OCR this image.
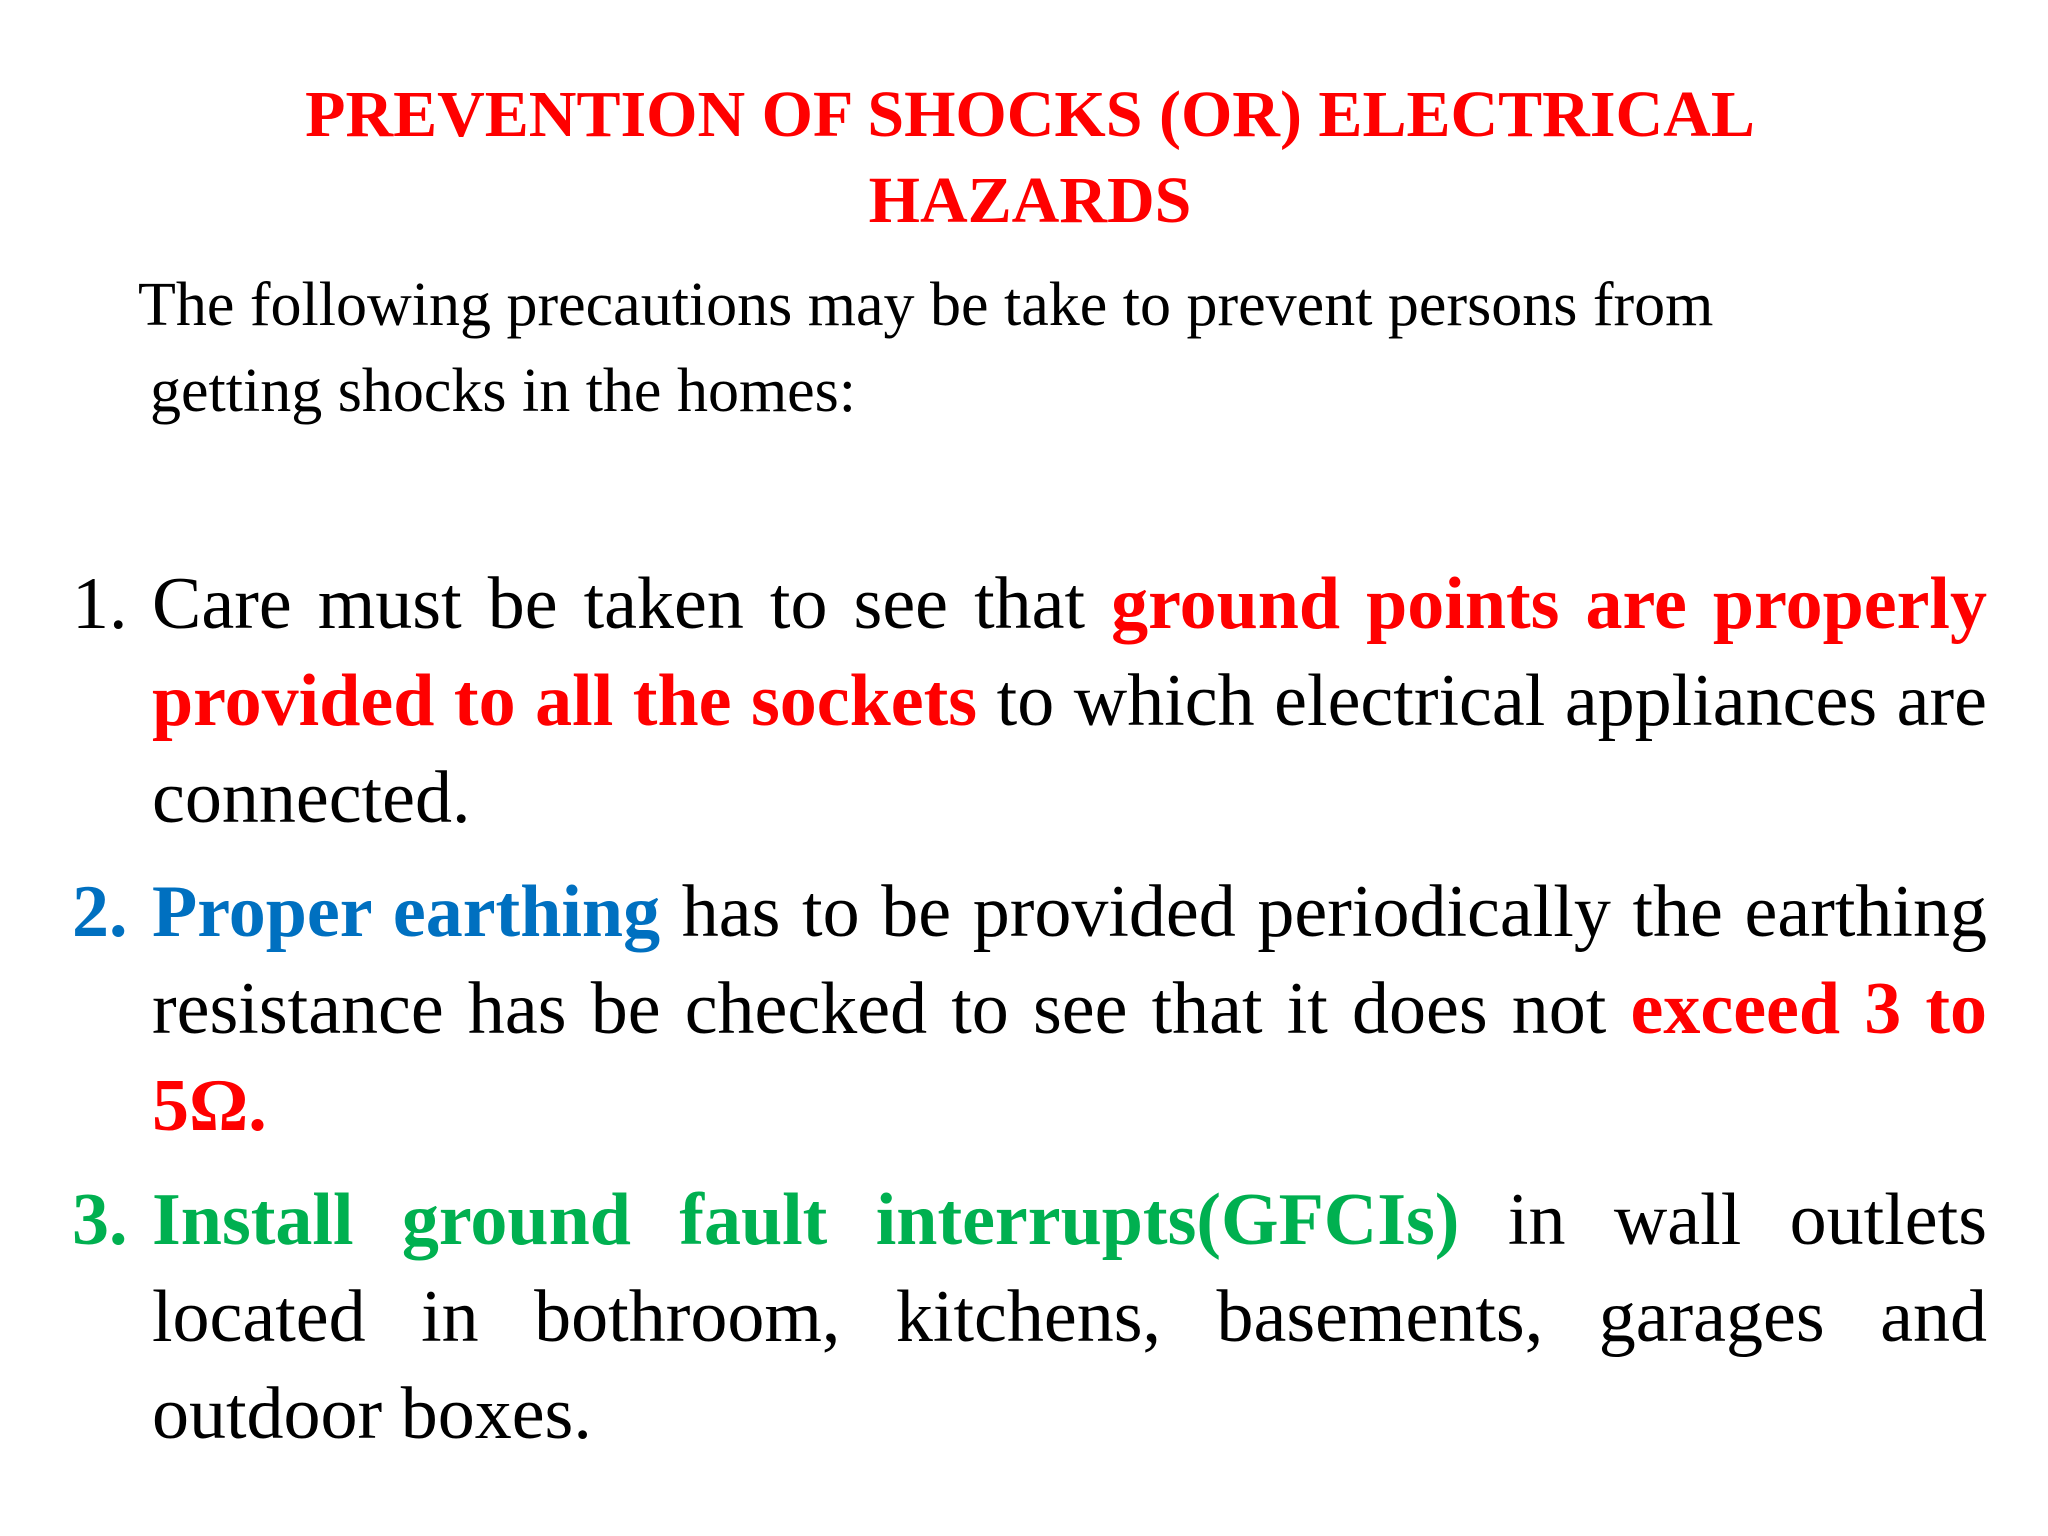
PREVENTION OF SHOCKS (OR) ELECTRICAL
HAZARDS
The following precautions may be take to prevent persons from
getting shocks in the homes:
1. Care must be taken to see that ground points are properly provided to all the sockets to which electrical appliances are connected.
2. Proper earthing has to be provided periodically the earthing resistance has be checked to see that it does not exceed 3 to 5Ω.
3. Install ground fault interrupts(GFCIs) in wall outlets located in bothroom, kitchens, basements, garages and outdoor boxes.
